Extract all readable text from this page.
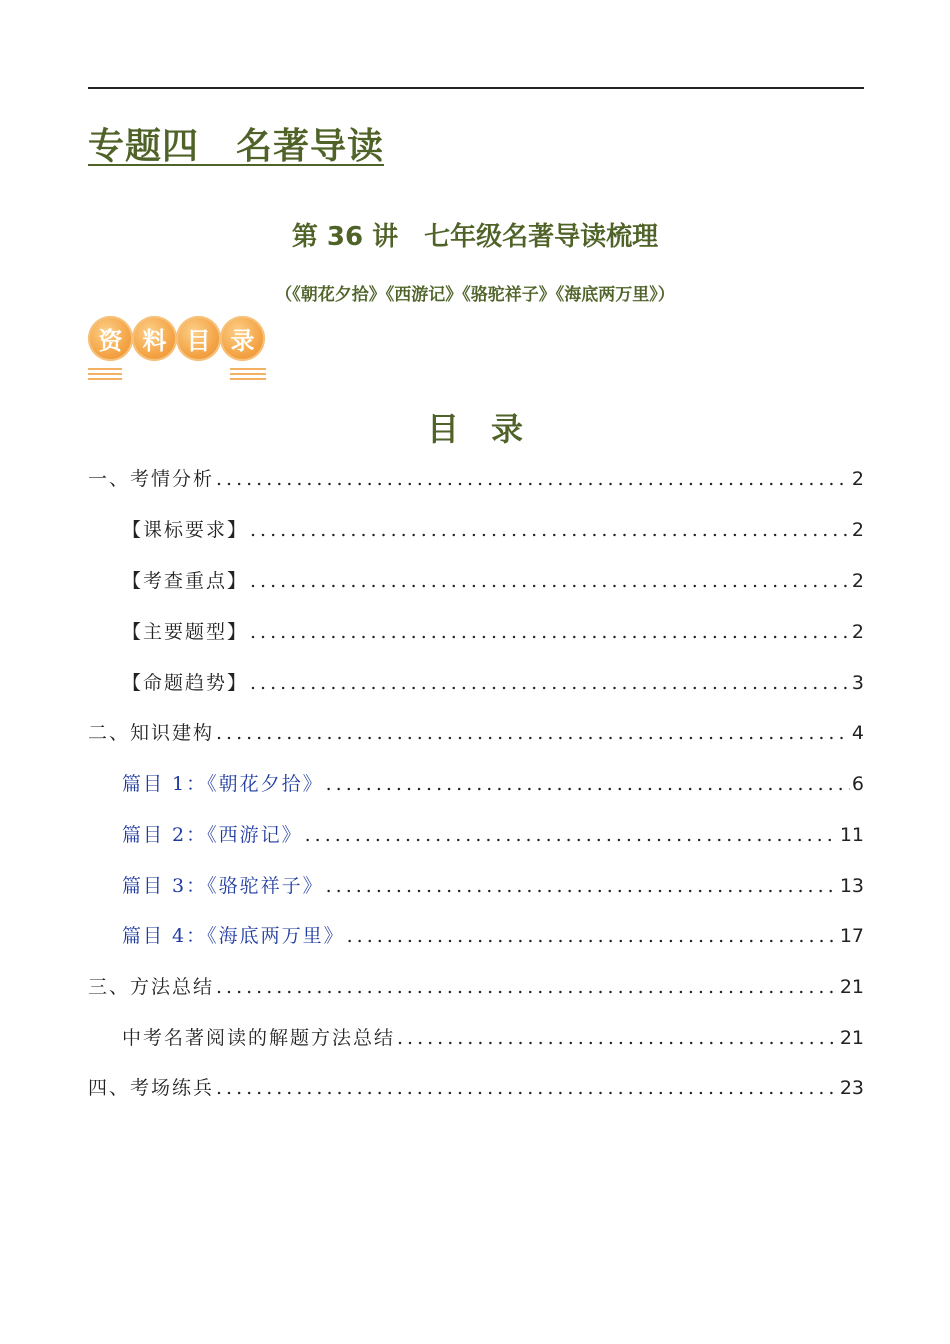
专题四　名著导读
第 36 讲　七年级名著导读梳理
（《朝花夕拾》《西游记》《骆驼祥子》《海底两万里》）
资 料 目 录
目　录
一、考情分析 .....	2
【课标要求】 .....	2
【考查重点】 .....	2
【主要题型】 .....	2
【命题趋势】 .....	3
二、知识建构 .....	4
篇目 1：《朝花夕拾》 .....	6
篇目 2：《西游记》 .....	11
篇目 3：《骆驼祥子》 .....	13
篇目 4：《海底两万里》 .....	17
三、方法总结 .....	21
中考名著阅读的解题方法总结 .....	21
四、考场练兵 .....	23
